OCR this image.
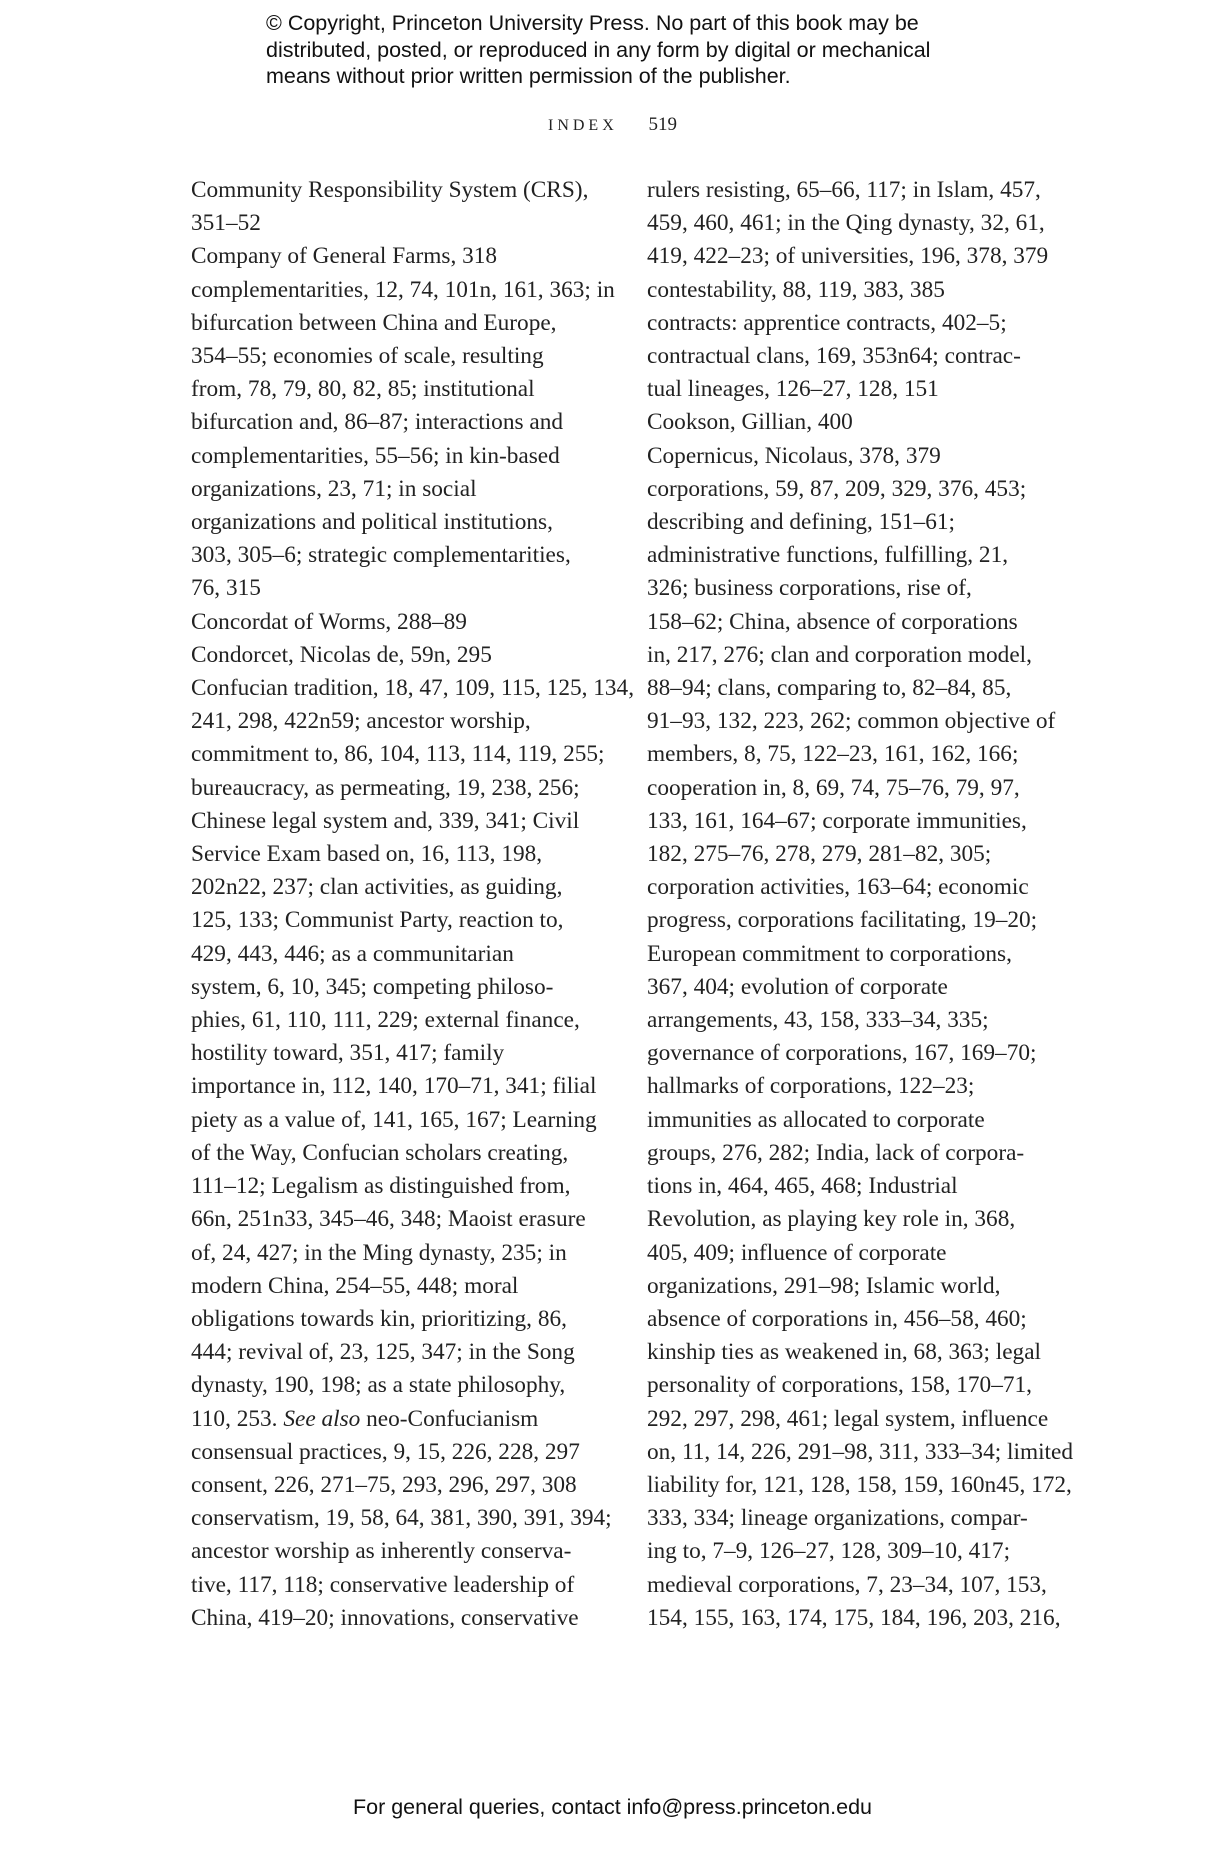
© Copyright, Princeton University Press. No part of this book may be
distributed, posted, or reproduced in any form by digital or mechanical
means without prior written permission of the publisher.
INDEX 519
Community Responsibility System (CRS),
351–52
Company of General Farms, 318
complementarities, 12, 74, 101n, 161, 363; in
bifurcation between China and Europe,
354–55; economies of scale, resulting
from, 78, 79, 80, 82, 85; institutional
bifurcation and, 86–87; interactions and
complementarities, 55–56; in kin-based
organizations, 23, 71; in social
organizations and political institutions,
303, 305–6; strategic complementarities,
76, 315
Concordat of Worms, 288–89
Condorcet, Nicolas de, 59n, 295
Confucian tradition, 18, 47, 109, 115, 125, 134,
241, 298, 422n59; ancestor worship,
commitment to, 86, 104, 113, 114, 119, 255;
bureaucracy, as permeating, 19, 238, 256;
Chinese legal system and, 339, 341; Civil
Service Exam based on, 16, 113, 198,
202n22, 237; clan activities, as guiding,
125, 133; Communist Party, reaction to,
429, 443, 446; as a communitarian
system, 6, 10, 345; competing philoso-
phies, 61, 110, 111, 229; external finance,
hostility toward, 351, 417; family
importance in, 112, 140, 170–71, 341; filial
piety as a value of, 141, 165, 167; Learning
of the Way, Confucian scholars creating,
111–12; Legalism as distinguished from,
66n, 251n33, 345–46, 348; Maoist erasure
of, 24, 427; in the Ming dynasty, 235; in
modern China, 254–55, 448; moral
obligations towards kin, prioritizing, 86,
444; revival of, 23, 125, 347; in the Song
dynasty, 190, 198; as a state philosophy,
110, 253. See also neo-Confucianism
consensual practices, 9, 15, 226, 228, 297
consent, 226, 271–75, 293, 296, 297, 308
conservatism, 19, 58, 64, 381, 390, 391, 394;
ancestor worship as inherently conserva-
tive, 117, 118; conservative leadership of
China, 419–20; innovations, conservative
rulers resisting, 65–66, 117; in Islam, 457,
459, 460, 461; in the Qing dynasty, 32, 61,
419, 422–23; of universities, 196, 378, 379
contestability, 88, 119, 383, 385
contracts: apprentice contracts, 402–5;
contractual clans, 169, 353n64; contrac-
tual lineages, 126–27, 128, 151
Cookson, Gillian, 400
Copernicus, Nicolaus, 378, 379
corporations, 59, 87, 209, 329, 376, 453;
describing and defining, 151–61;
administrative functions, fulfilling, 21,
326; business corporations, rise of,
158–62; China, absence of corporations
in, 217, 276; clan and corporation model,
88–94; clans, comparing to, 82–84, 85,
91–93, 132, 223, 262; common objective of
members, 8, 75, 122–23, 161, 162, 166;
cooperation in, 8, 69, 74, 75–76, 79, 97,
133, 161, 164–67; corporate immunities,
182, 275–76, 278, 279, 281–82, 305;
corporation activities, 163–64; economic
progress, corporations facilitating, 19–20;
European commitment to corporations,
367, 404; evolution of corporate
arrangements, 43, 158, 333–34, 335;
governance of corporations, 167, 169–70;
hallmarks of corporations, 122–23;
immunities as allocated to corporate
groups, 276, 282; India, lack of corpora-
tions in, 464, 465, 468; Industrial
Revolution, as playing key role in, 368,
405, 409; influence of corporate
organizations, 291–98; Islamic world,
absence of corporations in, 456–58, 460;
kinship ties as weakened in, 68, 363; legal
personality of corporations, 158, 170–71,
292, 297, 298, 461; legal system, influence
on, 11, 14, 226, 291–98, 311, 333–34; limited
liability for, 121, 128, 158, 159, 160n45, 172,
333, 334; lineage organizations, compar-
ing to, 7–9, 126–27, 128, 309–10, 417;
medieval corporations, 7, 23–34, 107, 153,
154, 155, 163, 174, 175, 184, 196, 203, 216,
For general queries, contact info@press.princeton.edu
